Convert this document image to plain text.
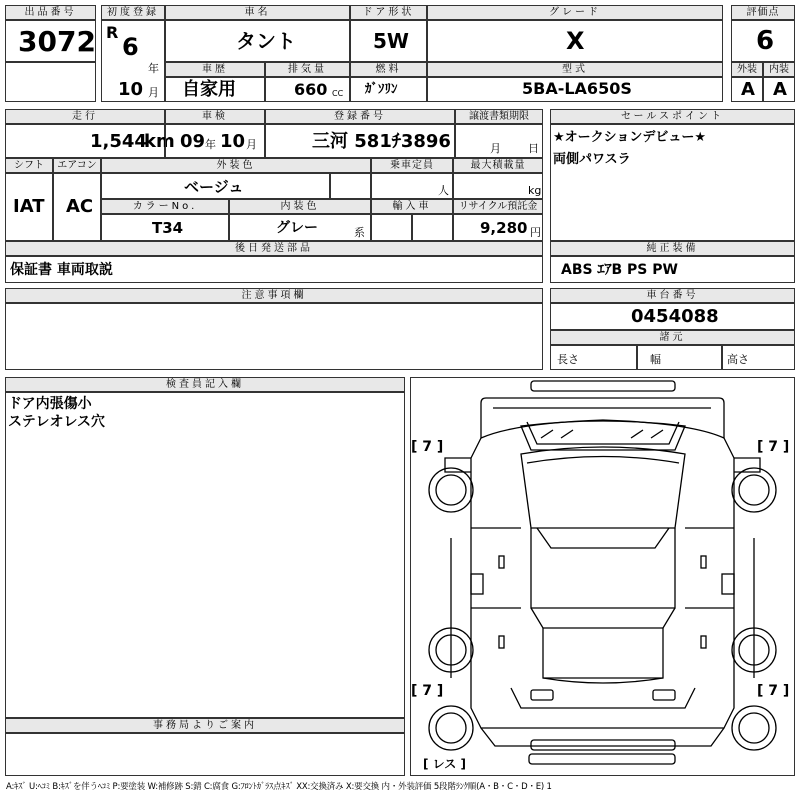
出品番号
3072
初度登録
R
6
年
10 月
車名
タント
ドア形状
5W
グレード
X
評価点
6
車歴
自家用
排気量
660 CC
燃料
ｶﾞｿﾘﾝ
型式
5BA-LA650S
外装
A
内装
A
走行
1,544
km
車検
09 年 10 月
登録番号
三河 581ﾁ3896
譲渡書類期限
月 日
セールスポイント
★オークションデビュー★
両側パワスラ
シフト
IAT
エアコン
AC
外装色
ベージュ
乗車定員
人
最大積載量
kg
カラーNo.
T34
内装色
グレー	系
輸入車	リサイクル預託金
9,280 円
後日発送部品
保証書 車両取説
純正装備
ABS ｴｱB PS PW
注意事項欄	車台番号
0454088
諸元
長さ	幅	高さ
検査員記入欄
ドア内張傷小
ステレオレス穴
事務局よりご案内
[ 7 ]	[ 7 ]
[ 7 ]	[ 7 ]
[ レス ]
A:ｷｽﾞ U:ﾍｺﾐ B:ｷｽﾞを伴うﾍｺﾐ P:要塗装 W:補修跡 S:錆 C:腐食 G:ﾌﾛﾝﾄｶﾞﾗｽ点ｷｽﾞ XX:交換済み X:要交換 内・外装評価 5段階ﾗﾝｸ順(A・B・C・D・E) 1
